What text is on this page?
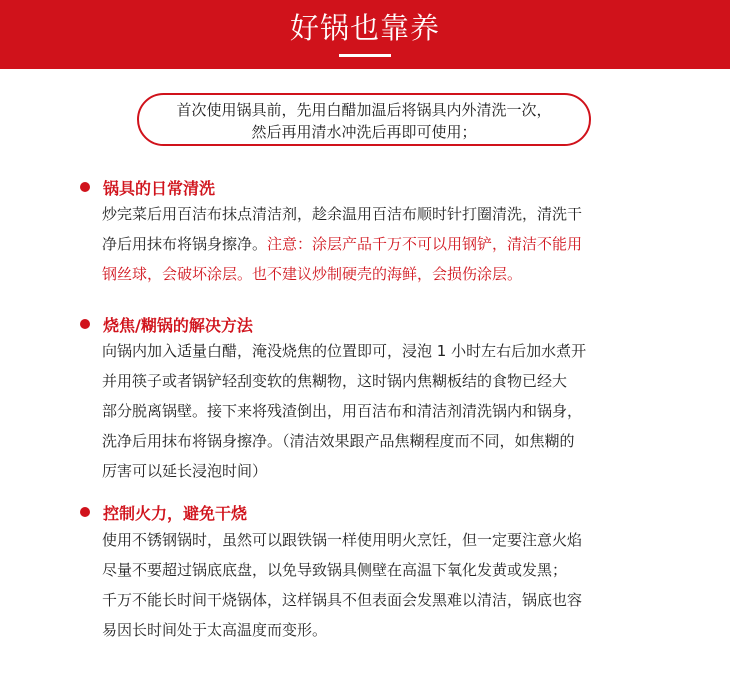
好锅也靠养
首次使用锅具前，先用白醋加温后将锅具内外清洗一次，
然后再用清水冲洗后再即可使用；
锅具的日常清洗
炒完菜后用百洁布抹点清洁剂，趁余温用百洁布顺时针打圈清洗，清洗干
净后用抹布将锅身擦净。注意：涂层产品千万不可以用钢铲，清洁不能用
钢丝球，会破坏涂层。也不建议炒制硬壳的海鲜，会损伤涂层。
烧焦/糊锅的解决方法
向锅内加入适量白醋，淹没烧焦的位置即可，浸泡 1 小时左右后加水煮开
并用筷子或者锅铲轻刮变软的焦糊物，这时锅内焦糊板结的食物已经大
部分脱离锅壁。接下来将残渣倒出，用百洁布和清洁剂清洗锅内和锅身，
洗净后用抹布将锅身擦净。（清洁效果跟产品焦糊程度而不同，如焦糊的
厉害可以延长浸泡时间）
控制火力，避免干烧
使用不锈钢锅时，虽然可以跟铁锅一样使用明火烹饪，但一定要注意火焰
尽量不要超过锅底底盘，以免导致锅具侧壁在高温下氧化发黄或发黑；
千万不能长时间干烧锅体，这样锅具不但表面会发黑难以清洁，锅底也容
易因长时间处于太高温度而变形。
